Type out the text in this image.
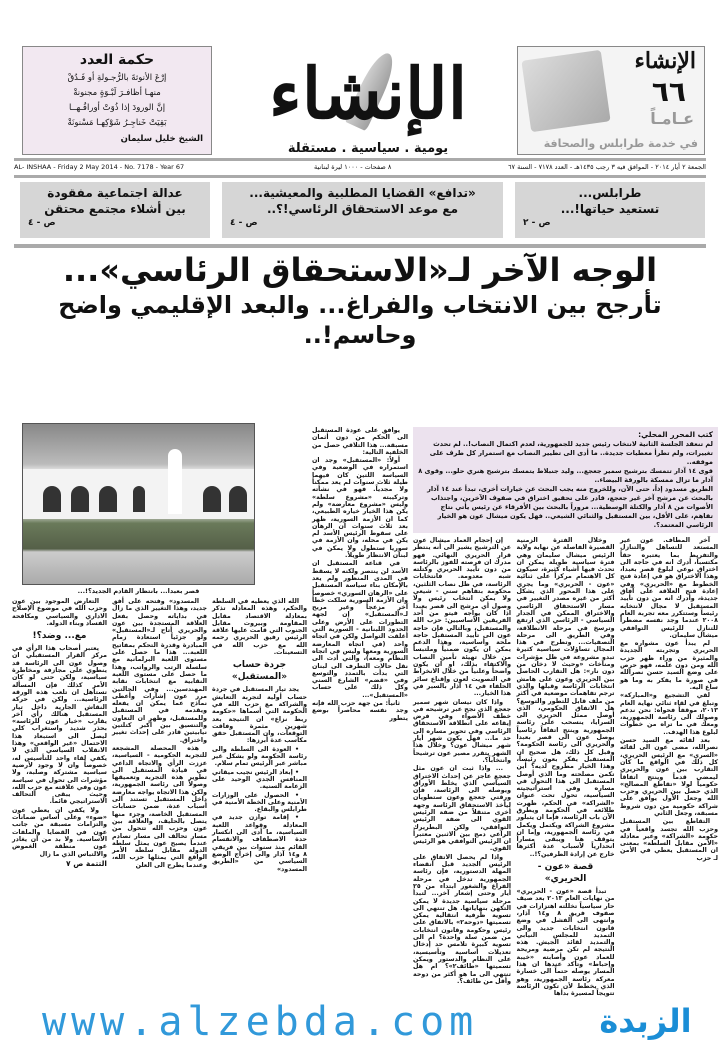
حكمة العدد
إرْعَ الأنوثةَ بالرُّجـولةِ أو فَـدُقْ
منهـا أظافـرَ لَبْـوَةٍ مجنونةْ
إنَّ الورودَ إذا ذُوَتْ أوراقُـهــا
بَقِيَتْ خَناجِـرُ شَوْكِهـا مَسْنونَةْ
الشيخ خليل سليمان
الإنشاء
يومية . سياسية . مستقلة
الإنشاء
٦٦
عـامـاً
في خدمة طرابلس والصحافة
AL- INSHAA - Friday 2 May 2014 - No. 7178 - Year 67	٨ صفحات - ١٠٠٠ ليرة لبنانية	الجمعة ٢ أيار ٢٠١٤ - الموافق فيه ٣ رجب ١٤٣٥هـ - العدد ٧١٧٨ - السنة ٦٧
طرابلس...
تستعيد حياتها!...
ص - ٢
«تدافع» القضايا المطلبية والمعيشية...
مع موعد الاستحقاق الرئاسي!؟..
ص - ٤
عدالة اجتماعية مفقودة
بين أشلاء مجتمع محتقن
ص - ٤
الوجه الآخر لـ«الاستحقاق الرئاسي»...
تأرجح بين الانتخاب والفراغ... والبعد الإقليمي واضح وحاسم!..
كتب المحرر المحلي:
لم تنعقد الجلسة الثانية لانتخاب رئيس جديد للجمهورية، لعدم اكتمال النصاب!.. لم تحدث تغييرات، ولم تطرأ معطيات جديدة.. ما أدى الى تطيير النصاب مع استمرار كل طرف على موقفه..
قوى ١٤ آذار تتمسك بترشيح سمير جعجع... وليد جنبلاط يتمسك بترشيح هنري حلو... وقوى ٨ آذار ما تزال ممسكة بالورقة البيضاء..
الطريق مسدود إذاً، حتى الآن، وللخروج منه يجب البحث عن خيارات أخرى، تبدأ عند ١٤ آذار بالبحث عن مرشح آخر غير جعجع، قادر على تحقيق اختراق في صفوف الآخرين، واجتذاب الأصوات من ٨ آذار والكتلة الوسطية... مروراً بالبحث بين الأفرقاء عن رئيس يأتي نتاج تفاهم، على الأقل، بين المستقبل والثنائي الشيعي.. فهل يكون ميشال عون هو الخيار الرئاسي المعتمد؟.

إن إحجام العماد ميشال عون عن الترشيح يشير الى أنه ينتظر قرار الحريري النهائي. فهو مدرك ان فرصته للفوز بالرئاسة من دون تأييد الحريري وكتلته شبه معدومة. فانتخابات الرئاسة، في ظل نصاب الثلثين، محكومة بتفاهم سني - شيعي ولا يمكن انتخاب رئيس ولا وصول أي مرشح الى قصر بعبدا اذا كان يواجه فيتو من أحد الفريقين الأساسيين: حزب الله والمستقبل، وبالتالي فإن حاجة عون الى تأييد المستقبل حاجة ملحة وأساسية، وهذا الدعم يمكن ان يكون ضمنياً وملتبساً من خلال تهيئة تأمين النصاب والاكتفاء بذلك، او ان يكون واضحاً وعلنياً من خلال الانخراط في التصويت لعون وإقناع سائر الحلفاء في ١٤ آذار بالسير في هذا الخيار...

واذا كان نيسان شهر سمير جعجع الذي نجح عبر ترشيحه في خطف الأضواء وفي فرض إيقاعه على انطلاقة الاستحقاق الرئاسي وفي تحوير مساره الى حد ما... فهل يكون شهر أيار شهر ميشال عون؟ وخلال هذا الشهر يتقرر مصير عون ترشيحاً وانتخاباً؟.

... واذا ثبت ان عون مثل جعجع عاجز عن إحداث الاختراق السياسي الذي يخلط الأوراق ويوصله الى الرئاسة، فإن ورقتي جعجع وعون ستطويان ليأخذ الاستحقاق الرئاسة وجهة أخرى متنقلاً من ضفة الرئيس القوي الى ضفة الرئيس التوافقي، ولكن البطريرك الراعي دمج بين الاثنين معتبراً ان الرئيس التوافقي هو الرئيس القوي.

واذا لم يحصل الاتفاق على الرئيس الجديد قبل انقضاء المهلة الدستورية، فإن رئاسة الجمهورية تدخل في مرحلة الفراغ والشغور ابتداء من ٢٥ أيار وحتى إشعار آخر... لتبدأ مرحلة سياسية جديدة لا يمكن التكهن بنهاياتها. هل تنتهي الى تسوية ظرفية انتقالية يمكن تسميتها «دوحة٢» بالاتفاق على رئيس وحكومة وقانون انتخابات من ضمن سلة واحدة؟ ام الى تسوية كبيرة تلامس حد إدخال تعديلات أساسية وتأسيسية، على النظام والدستور ويمكن تسميتها «طائف٢»؟ ام هل تنتهي الى ما هو أكثر من دوحة وأقل من طائف؟.

وخلال الفترة الزمنية القصيرة الفاصلة عن نهاية ولاية الرئيس ميشال سليمان وهي فترة سياسية طويلة يمكن ان تحدث فيها أشياء كثيرة، سيكون كل الاهتمام مركزاً على ثنائية «عون - الحريري» وما يجري على هذا المحور الذي يشكل أكثر من غيره مصدر التغيير في مسار الاستحقاق الرئاسي والاختراق الممكن في الجدار السياسي - الرئاسي الذي ارتفع وترسخ في مرحلة الانطلاقة، وفي الطريق الى مرحلة التصفيات... وتطرح في هذا المجال تساؤلات سياسية كثيرة تبدو مشروعة في ظل مؤشرات ومناخات «وحيث لا دخان من دون نار»: هل التقارب الحاصل بين الحريري وعون على هامش انتخابات الرئاسة وقبلها والذي ترجم تفاهمات موضعية في أكثر من ملف قابل للتطور والتوسع؟ هل الاتفاق الحكومي، الذي أوصل ممثل الحريري الى السرايا، ينسحب على رئاسة الجمهورية وينتج اتفاقاً رئاسياً يوصل عون الى قصر بعبدا والحريري الى رئاسة الحكومة؟ وقبل كل ذلك، هل صحيح ان المستقبل يفكر بعون رئيساً، وهذا الخيار مطروح لديه؟ أين تكمن مصلحته وما الذي أوصل المستقبل الى هذا التحول في مساره وفي استراتيجيته السياسية، تحول تحت عنوان «الشراكة» في الحكم، ظهرت طلائعه في الحكومة ويطرق الآن باب الرئاسة، فإما ان يتبلور مشروع الشراكة ويكتمل ويكمل في رئاسة الجمهورية، وإما ان يتوقف هنا ويبقى مساراً انحدارياً لأسباب عدة أكثرها خارج عن إرادة الطرفين؟!..

قصة «عون - الحريري»

تبدأ قصة «عون - الحريري» من نهايات العام ٢٠١٣ بعد صيف حار سياسياً تخللته اهتزازات في صفوف فريق ٨ و١٤ آذار، وانتهى الى الفشل في وضع قانون انتخابات جديد والى التمديد للمجلس النيابي والتمديد لقائد الجيش. هذه النتيجة لم تكن مرضية ومريحة للعماد عون وأصابته «خيبة وإحباط» وتأكد عندها ان هذا المسار يوصله حتماً الى خسارة معركة رئاسة الجمهورية، وهو الذي يخطط لأن تكون الرئاسة تتويجاً لمسيرة بدأها

آخر المطاف. عون غير المستعد للتساهل والتنازل والتفريط بما يعتبره حقاً مكتسباً، أدرك انه في حاجة الى اختراق نوعي لبلوغ قصر بعبدا، وهذا الاختراق هو في إعادة فتح الخطوط مع «الحريري» وفي إعادة فتح العلاقة على آفاق جديدة، وأدرك انه من دون تأييد المستقبل لا مجال لانتخابه رئيساً وستتكرر معه تجربة العام ٢٠٠٨ عندما وجد نفسه مضطراً للتنازل للرئيس التوافقي ميشال سليمان.

لم يبدأ عون مشواره مع الحريري وتجربته الجديدة والمثيرة من وراء ظهر حزب الله ومن دون علمه، فهو حرص على وضع السيد حسن نصرالله في صورة ما يفكر به وما هو ساع اليه.

لقي التشجيع و«المباركة» وتبلغ في لقاء ثنائي نهاية العام ٢٠١٣، موقفاً فحواه: نحن ندعم وصولك الى رئاسة الجمهورية، ومعك في ما تراه من خطوات لبلوغ هذا الهدف..

بعد لقائه مع السيد حسن نصرالله، مضى عون الى لقائه «السري» مع الرئيس الحريري، كل ذلك في الواقع ما كان التقارب بين عون والحريري ليمضي قدماً وينتج اتفاقاً حكومياً لولا «تقاطع المصالح» الذي حصل بين الحريري وحزب الله وجعل الأول يوافق على شراكة حكومية من دون شروط مسبقة، وجعل الثاني

التقاطع بين المستقبل وحزب الله تجسد واقعياً في حكومة «الشراكة» وعبر معادلة «الأمن مقابل السلطة» بمعنى ان المستقبل يعطي في الأمن لـ حزب

قصر بعبدا... بانتظار القادم الجديد؟!...

يوافق على عودة المستقبل الى الحكم من دون أثمان مسبقة... هذا التلاقي حصل من الخلفية التالية:

أولاً: «المستقبل» وجد ان استمراره في الوضعية وفي السياسة اللتين كان فيهما طيلة ثلاث سنوات لم يعد ممكناً ولا مجدياً. فهو في نشأته وتركيبته «مشروع سلطة» وليس «مشروع معارضة» ولم يكن هذا الخيار خياره الطبيعي، كما ان الأزمة السورية، ظهر بعد ثلاث سنوات ان الرهان على سقوط الرئيس الأسد لم يكن في محله، وان الأزمة في سوريا ستطول ولا يمكن في لبنان الانتظار طويلاً.

في قناعة المستقبل ان الأسد لن ينتصر ولكنه لا يسقط في المدى المنظور ولم يعد بالإمكان بناء سياسة المستقبل على «الرهان السوري» خصوصاً وان الأزمة السورية سلكت خطاً آخر مزعجاً وغير مريح لـ«المستقبل» إن لجهة التطورات على الأرض وعلى الحدود اللبنانية - السورية التي أغلقت التواصل ولكن في اتجاه واحد (في اتجاه المعارضة السورية ومعها وليس في اتجاه النظام ومعه)، والتي أدت الى نقل حالات التطرف الى لبنان التي بدأت بالتمدد والتوسع وفي «قضم» الشارع السني وكل ذلك على حساب «المستقبل»...

ثانياً: من جهة حزب الله فإنه وجد نفسه محاصراً بوضع يتطور

الله الذي يعطيه في السلطة والحكم، وهذه المعادلة تذكر بمعادلة الاقتصاد مقابل المقاومة وبيروت مقابل الجنوب التي قامت عليها علاقة الرئيس رفيق الحريري رحمه الله مع حزب الله في التسعينات.

جردة حساب «المستقبل»

يجد تيار المستقبل في جردة حساب أولية لتجربة التعايش والشراكة مع حزب الله في الحكومة التي أسماها «حكومة ربط نزاع» ان النتيجة بعد شهرين مثمرة وفاقت التوقعات، وان المستقبل حقق مكاسب عدة أبرزها:

• العودة الى السلطة والى رئاسة الحكومة ولو بشكل غير مباشر عبر الرئيس تمام سلام.

• إبعاد الرئيس نجيب ميقاتي المنافس الجدي الوحيد على الزعامة السنية.

• الحصول على الوزارات الأمنية وعلى الخطة الأمنية في طرابلس والبقاع.

• إقامة توازن جديد في المعادلة وقواعد اللعبة السياسية، ما أدى الى انكسار حدة الاصطفاف والانقسام القائم منذ سنوات بين فريقي ٨ و١٤ آذار والى إخراج الوضع السياسي من «الطريق المسدود»

المسدود» وفتحه على أفق جديد، وهذا التغيير الذي ما زال في بداياته وحصل بفعل العلاقة المستجدة بين عون والحريري أتاح لـ«المستقبل» ولو جزئياً استعادة زمام المبادرة وقدرة التحكم بمفاتيح اللعبة... هذا ما حصل على مستوى اللعبة البرلمانية مع سلسلة الرتب والرواتب، وهذا ما حصل على مستوى اللعبة النقابية مع انتخابات نقابة المهندسين... وفي الحالتين مرر عون إشارات وأعطى نماذج عما يمكن ان يفعله ويقدمه في المستقبل وللمستقبل، وظهر ان التعاون والتنسيق بين أكبر كتلتين نيابيتين قادر على إحداث تغيير واختراق.

هذه المحصلة المشجعة للتجربة الحكومية - السياسية، عززت الرأي والاتجاه الداعي في قيادة المستقبل الى تطوير هذه التجربة وتعميقها وصولاً الى رئاسة الجمهورية، ولكن هذا الاتجاه يواجه معارضة داخل المستقبل تستند الى أسباب عدة، ضمن حسابات المستقبل الخاصة، وجزء منها يتصل بالحليف، والعلاقة بين عون وحزب الله تتحول من مسار تحالف الى مسار تصادم عندما يصبح عون يمثل سلطة الدولة مقابل سلطة الأمر الواقع التي يمثلها حزب الله، وعندما يطرح الى العلن

التعارض الموجود بين عون وحزب الله في موضوع الإصلاح الاداري والسياسي ومكافحة الفساد وبناء الدولة.

مع... وضد؟!

يعتبر أصحاب هذا الرأي في مركز القرار المستقبلي ان وصول عون الى الرئاسة قد ينطوي على مجازفة ومخاطرة سياسية، ولكن حتى لو كان الأمر كذلك فإن المسألة تستأهل ان تلعب هذه الورقة الرئاسية... ولكن في حركة النقاش الجارية داخل تيار المستقبل هنالك رأي آخر يقارب «خيار عون للرئاسة» بحذر شديد واستغراب كلي ليصل الى استبعاد هذا الاحتمال «غير الواقعي» وهذا الانقلاب السياسي الذي لا يكفي لقاء واحد للتأسيس له، خصوصاً وان لا وجود لأرضية سياسية مشتركة وصلبة، ولا مؤشرات الى تحول في سياسة عون وفي علاقته مع حزب الله، وحيث يبقى التحالف الاستراتيجي قائماً.

ولا يكفي ان يعطي عون «ضوء» وعلى أساس ضمانات والتزامات مسبقة من جانب عون في القضايا والملفات الأساسية. ولا بد من ان يغادر عون منطقة الغموض والالتباس الذي ما زال

التتمة ص ٧

www.alzebda.com	الزبدة
